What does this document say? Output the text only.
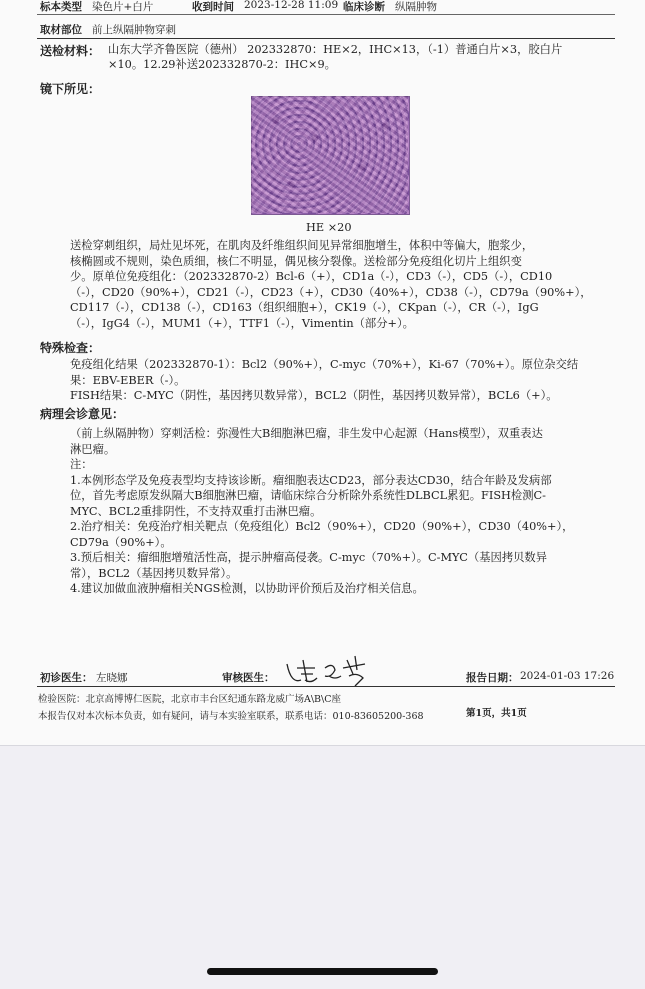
标本类型 染色片+白片	收到时间 2023-12-28 11:09 临床诊断 纵隔肿物
取材部位 前上纵隔肿物穿刺
送检材料： 山东大学齐鲁医院（德州） 202332870：HE×2，IHC×13，（-1）普通白片×3，胶白片
×10。12.29补送202332870-2：IHC×9。
镜下所见：
HE ×20
送检穿刺组织，局灶见坏死，在肌肉及纤维组织间见异常细胞增生，体积中等偏大，胞浆少，
核椭圆或不规则，染色质细，核仁不明显，偶见核分裂像。送检部分免疫组化切片上组织变
少。原单位免疫组化：（202332870-2）Bcl-6（+），CD1a（-），CD3（-），CD5（-），CD10
（-），CD20（90%+），CD21（-），CD23（+），CD30（40%+），CD38（-），CD79a（90%+），
CD117（-），CD138（-），CD163（组织细胞+），CK19（-），CKpan（-），CR（-），IgG
（-），IgG4（-），MUM1（+），TTF1（-），Vimentin（部分+）。
特殊检查：
免疫组化结果（202332870-1）：Bcl2（90%+），C-myc（70%+），Ki-67（70%+）。原位杂交结
果：EBV-EBER（-）。
FISH结果：C-MYC（阴性，基因拷贝数异常），BCL2（阴性，基因拷贝数异常），BCL6（+）。
病理会诊意见：
（前上纵隔肿物）穿刺活检：弥漫性大B细胞淋巴瘤，非生发中心起源（Hans模型），双重表达
淋巴瘤。
注：
1.本例形态学及免疫表型均支持该诊断。瘤细胞表达CD23，部分表达CD30，结合年龄及发病部
位，首先考虑原发纵隔大B细胞淋巴瘤，请临床综合分析除外系统性DLBCL累犯。FISH检测C-
MYC、BCL2重排阴性，不支持双重打击淋巴瘤。
2.治疗相关：免疫治疗相关靶点（免疫组化）Bcl2（90%+），CD20（90%+），CD30（40%+），
CD79a（90%+）。
3.预后相关：瘤细胞增殖活性高，提示肿瘤高侵袭。C-myc（70%+）。C-MYC（基因拷贝数异
常），BCL2（基因拷贝数异常）。
4.建议加做血液肿瘤相关NGS检测，以协助评价预后及治疗相关信息。
初诊医生： 左晓娜	审核医生：	报告日期： 2024-01-03 17:26
检验医院：北京高博博仁医院，北京市丰台区纪通东路龙威广场A\B\C座
本报告仅对本次标本负责，如有疑问，请与本实验室联系，联系电话：010-83605200-368	第1页，共1页
